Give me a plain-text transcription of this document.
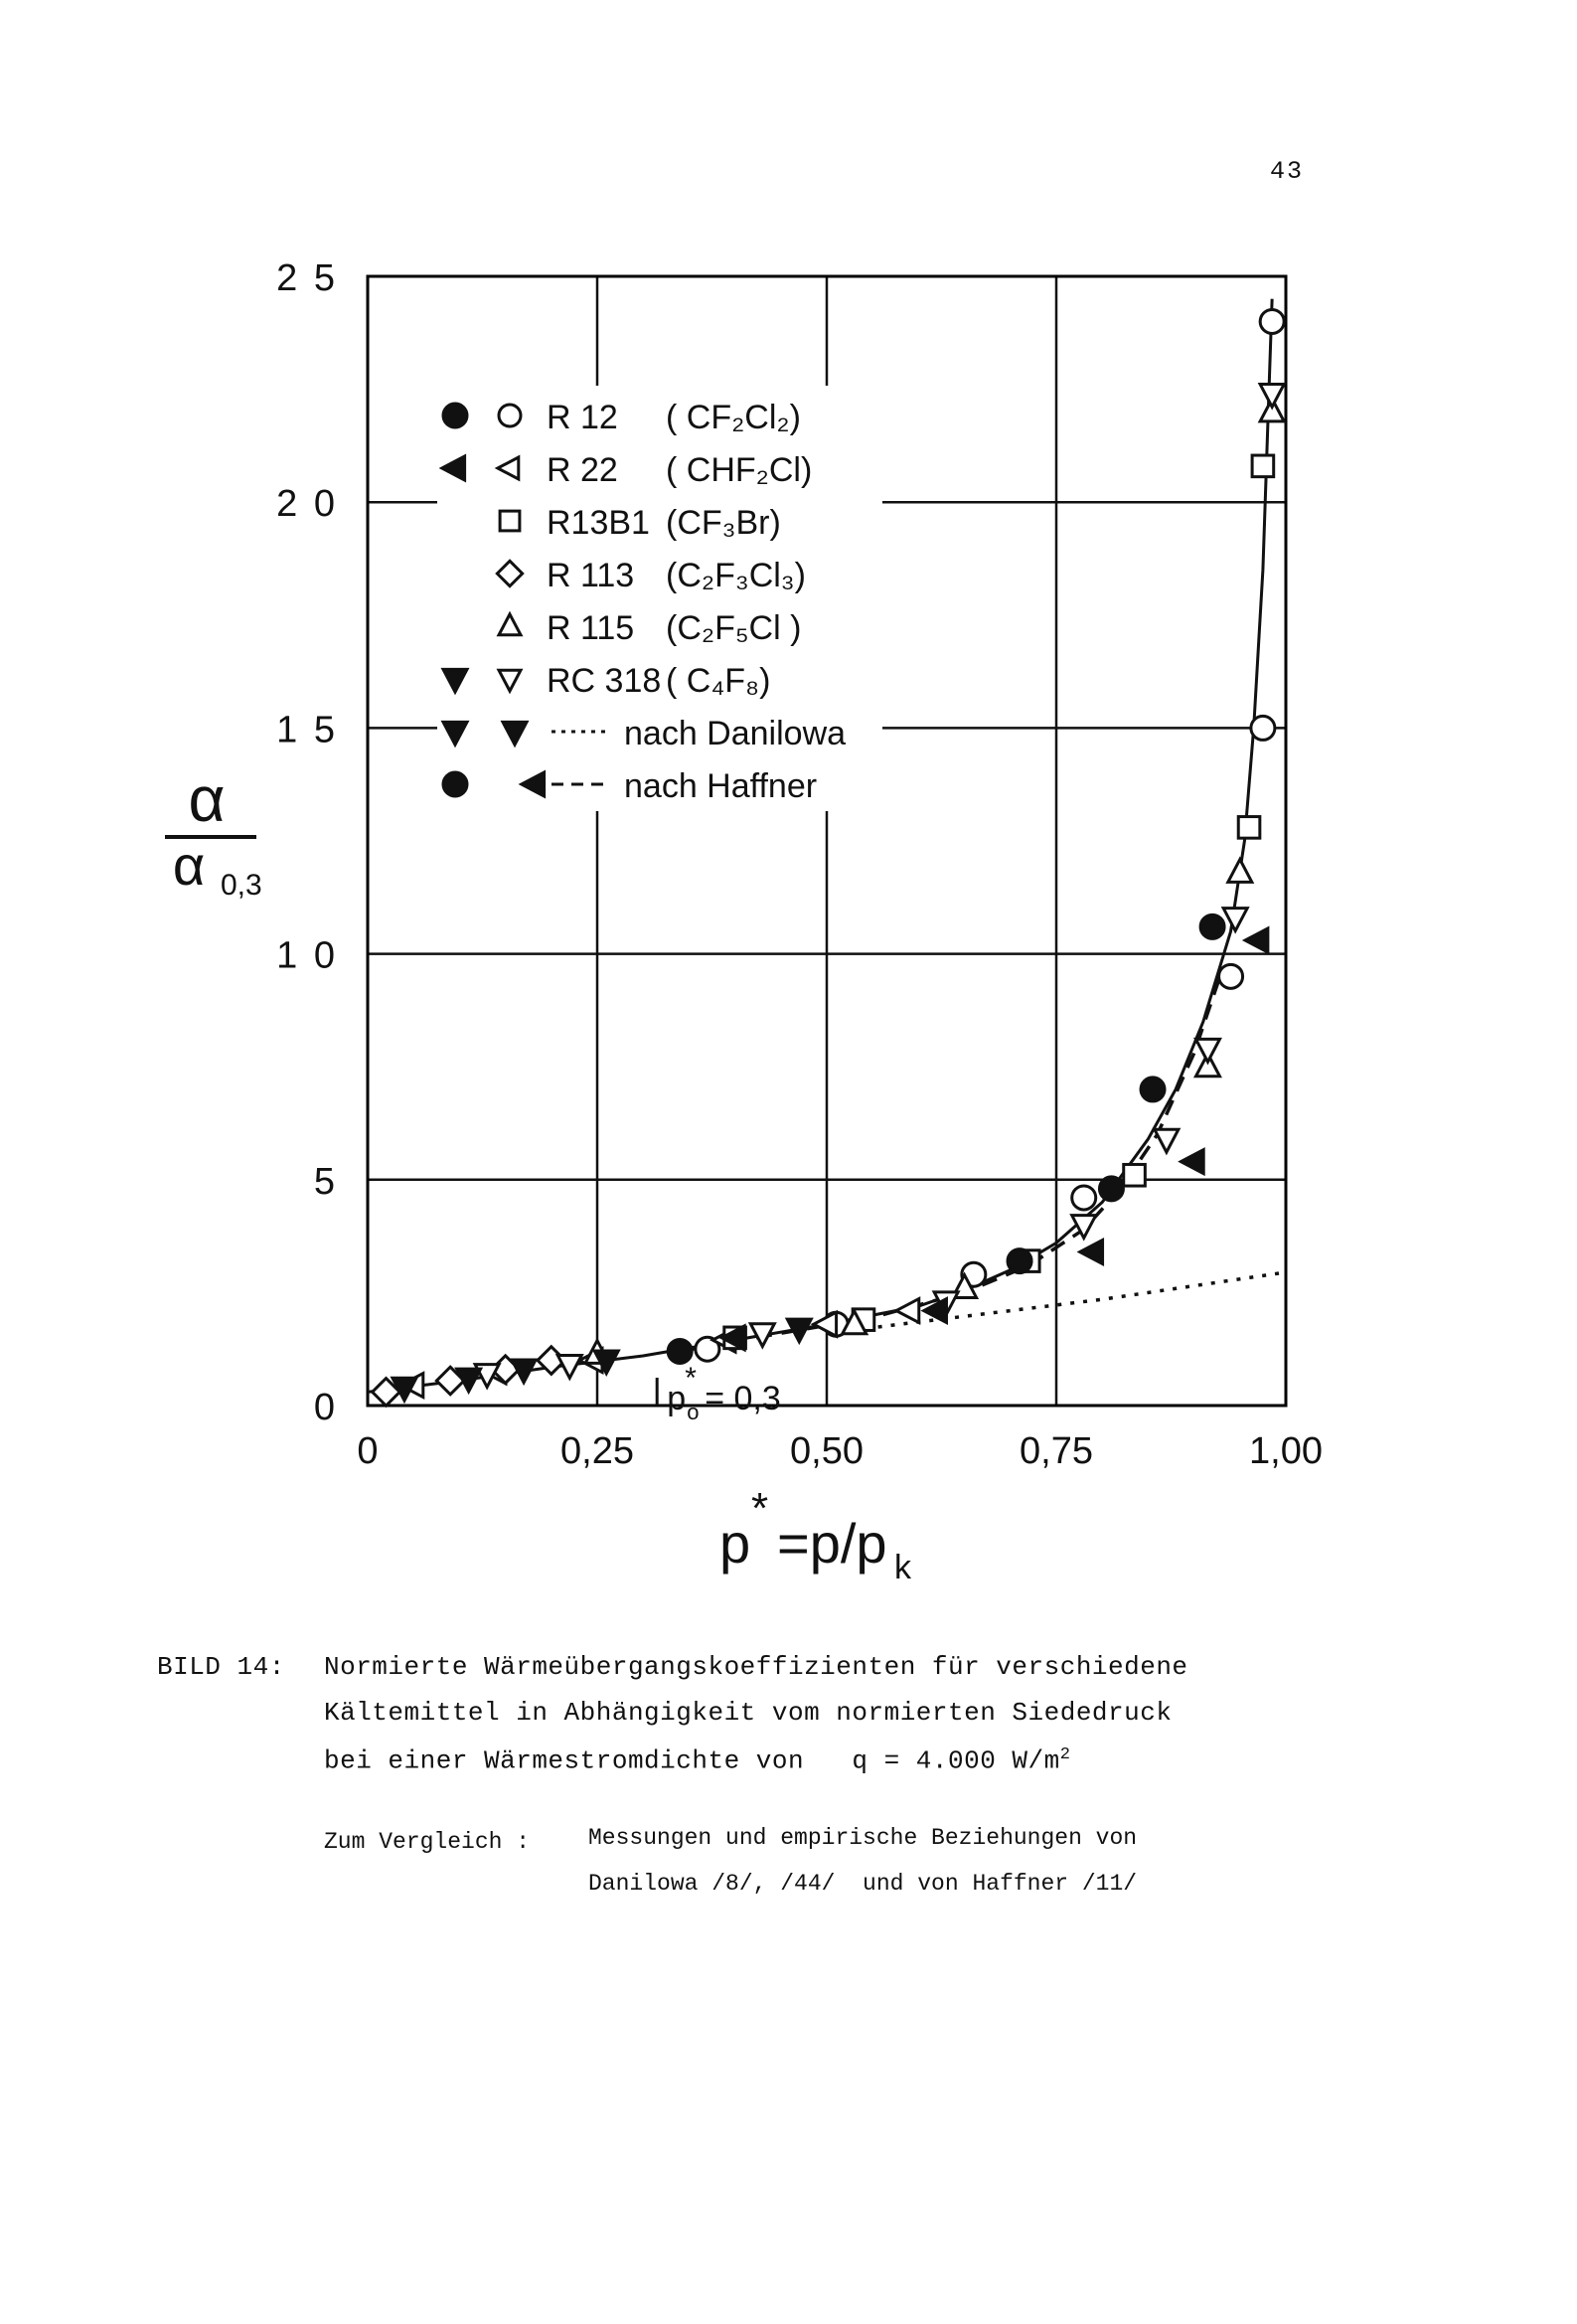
43
0	0,25	0,50	0,75	1,00
0
5
1 0
1 5
2 0
2 5
R 12 ( CF₂Cl₂)
R 22 ( CHF₂Cl)
R13B1 (CF₃Br)
R 113 (C₂F₃Cl₃)
R 115 (C₂F₅Cl )
RC 318 ( C₄F₈)
nach Danilowa
nach Haffner
α
α 0,3
p
*
=p/p k
p
*
o = 0,3
BILD 14: Normierte Wärmeübergangskoeffizienten für verschiedene
Kältemittel in Abhängigkeit vom normierten Siededruck
bei einer Wärmestromdichte von   q = 4.000 $W/m^2$
Zum Vergleich :	Messungen und empirische Beziehungen von
Danilowa /8/, /44/  und von Haffner /11/
